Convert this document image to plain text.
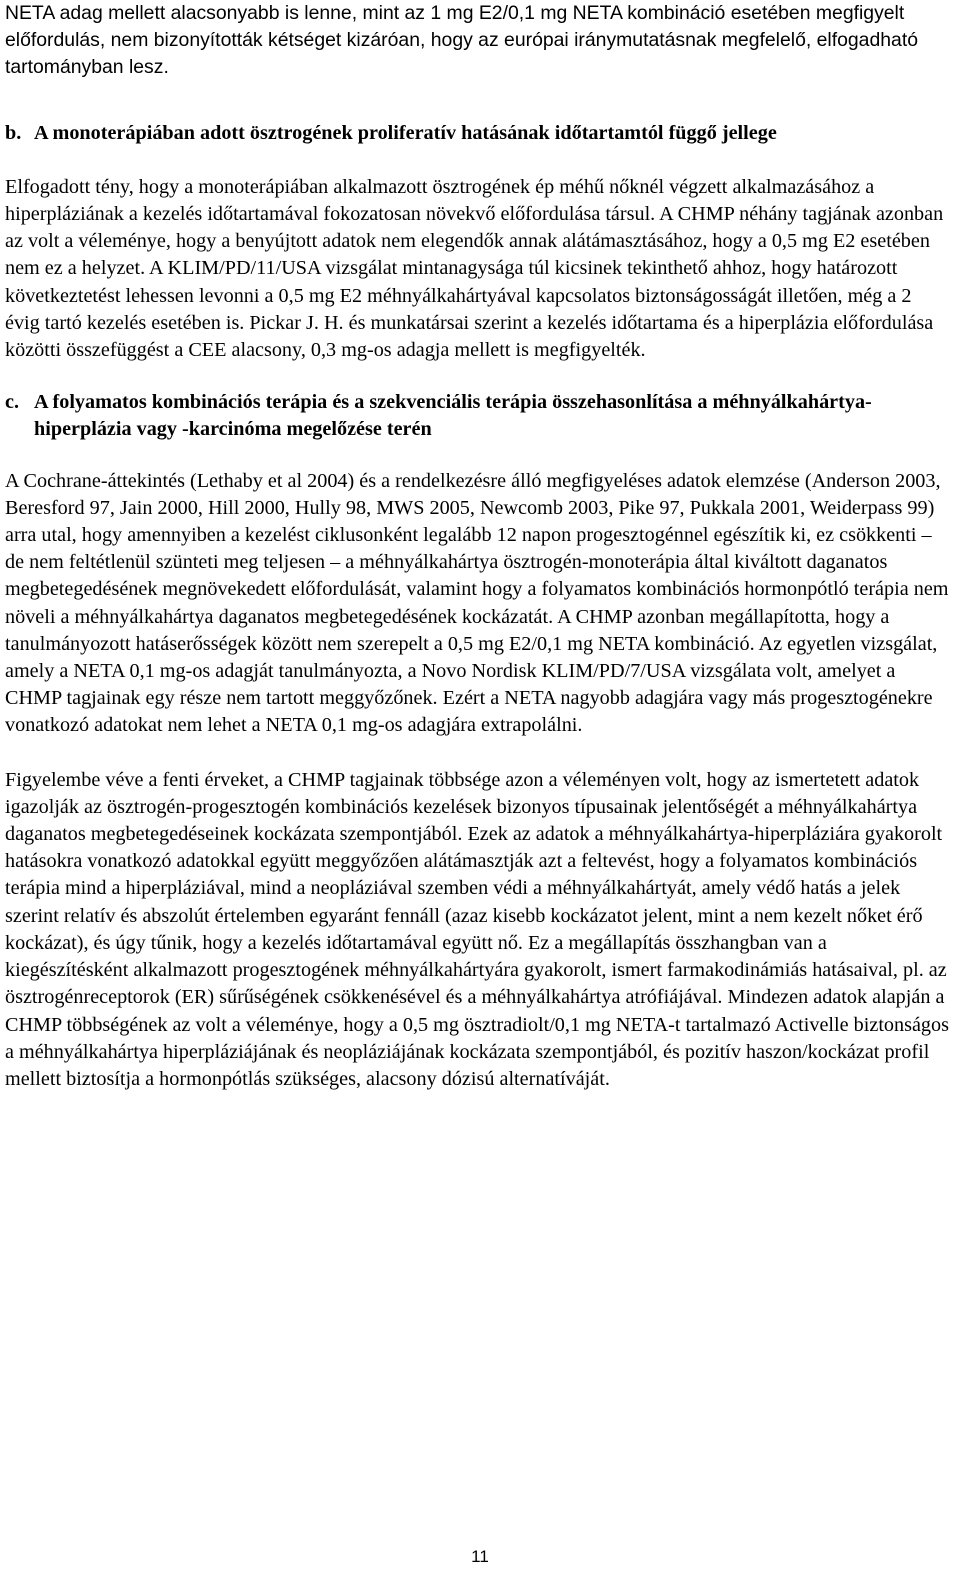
NETA adag mellett alacsonyabb is lenne, mint az 1 mg E2/0,1 mg NETA kombináció esetében megfigyelt előfordulás, nem bizonyították kétséget kizáróan, hogy az európai iránymutatásnak megfelelő, elfogadható tartományban lesz.

b. A monoterápiában adott ösztrogének proliferatív hatásának időtartamtól függő jellege

Elfogadott tény, hogy a monoterápiában alkalmazott ösztrogének ép méhű nőknél végzett alkalmazásához a hiperpláziának a kezelés időtartamával fokozatosan növekvő előfordulása társul. A CHMP néhány tagjának azonban az volt a véleménye, hogy a benyújtott adatok nem elegendők annak alátámasztásához, hogy a 0,5 mg E2 esetében nem ez a helyzet. A KLIM/PD/11/USA vizsgálat mintanagysága túl kicsinek tekinthető ahhoz, hogy határozott következtetést lehessen levonni a 0,5 mg E2 méhnyálkahártyával kapcsolatos biztonságosságát illetően, még a 2 évig tartó kezelés esetében is. Pickar J. H. és munkatársai szerint a kezelés időtartama és a hiperplázia előfordulása közötti összefüggést a CEE alacsony, 0,3 mg-os adagja mellett is megfigyelték.

c. A folyamatos kombinációs terápia és a szekvenciális terápia összehasonlítása a méhnyálkahártya-hiperplázia vagy -karcinóma megelőzése terén

A Cochrane-áttekintés (Lethaby et al 2004) és a rendelkezésre álló megfigyeléses adatok elemzése (Anderson 2003, Beresford 97, Jain 2000, Hill 2000, Hully 98, MWS 2005, Newcomb 2003, Pike 97, Pukkala 2001, Weiderpass 99) arra utal, hogy amennyiben a kezelést ciklusonként legalább 12 napon progesztogénnel egészítik ki, ez csökkenti – de nem feltétlenül szünteti meg teljesen – a méhnyálkahártya ösztrogén-monoterápia által kiváltott daganatos megbetegedésének megnövekedett előfordulását, valamint hogy a folyamatos kombinációs hormonpótló terápia nem növeli a méhnyálkahártya daganatos megbetegedésének kockázatát. A CHMP azonban megállapította, hogy a tanulmányozott hatáserősségek között nem szerepelt a 0,5 mg E2/0,1 mg NETA kombináció. Az egyetlen vizsgálat, amely a NETA 0,1 mg-os adagját tanulmányozta, a Novo Nordisk KLIM/PD/7/USA vizsgálata volt, amelyet a CHMP tagjainak egy része nem tartott meggyőzőnek. Ezért a NETA nagyobb adagjára vagy más progesztogénekre vonatkozó adatokat nem lehet a NETA 0,1 mg-os adagjára extrapolálni.

Figyelembe véve a fenti érveket, a CHMP tagjainak többsége azon a véleményen volt, hogy az ismertetett adatok igazolják az ösztrogén-progesztogén kombinációs kezelések bizonyos típusainak jelentőségét a méhnyálkahártya daganatos megbetegedéseinek kockázata szempontjából. Ezek az adatok a méhnyálkahártya-hiperpláziára gyakorolt hatásokra vonatkozó adatokkal együtt meggyőzően alátámasztják azt a feltevést, hogy a folyamatos kombinációs terápia mind a hiperpláziával, mind a neopláziával szemben védi a méhnyálkahártyát, amely védő hatás a jelek szerint relatív és abszolút értelemben egyaránt fennáll (azaz kisebb kockázatot jelent, mint a nem kezelt nőket érő kockázat), és úgy tűnik, hogy a kezelés időtartamával együtt nő. Ez a megállapítás összhangban van a kiegészítésként alkalmazott progesztogének méhnyálkahártyára gyakorolt, ismert farmakodinámiás hatásaival, pl. az ösztrogénreceptorok (ER) sűrűségének csökkenésével és a méhnyálkahártya atrófiájával. Mindezen adatok alapján a CHMP többségének az volt a véleménye, hogy a 0,5 mg ösztradiolt/0,1 mg NETA-t tartalmazó Activelle biztonságos a méhnyálkahártya hiperpláziájának és neopláziájának kockázata szempontjából, és pozitív haszon/kockázat profil mellett biztosítja a hormonpótlás szükséges, alacsony dózisú alternatíváját.

11
